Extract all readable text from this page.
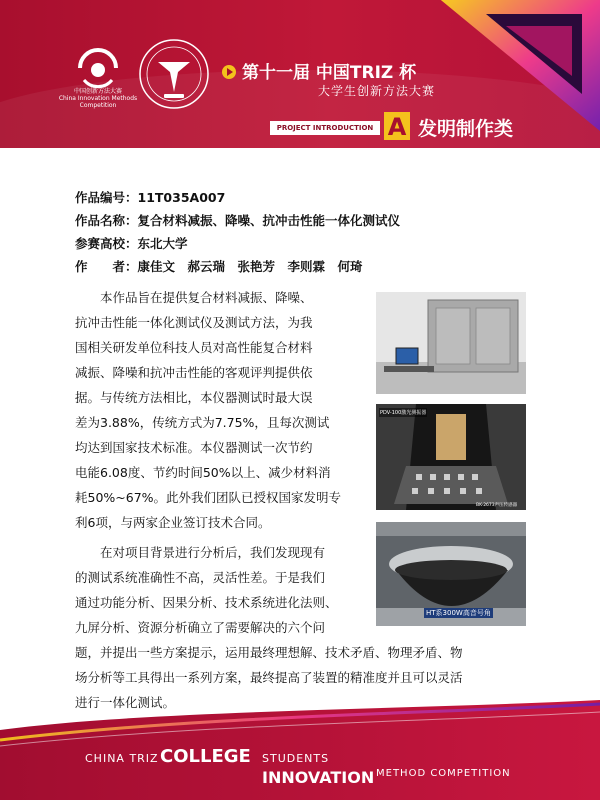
中国创新方法大赛
China Innovation Methods Competition
第十一届 中国TRIZ 杯
大学生创新方法大赛
PROJECT INTRODUCTION A 发明制作类
作品编号：11T035A007
作品名称：复合材料减振、降噪、抗冲击性能一体化测试仪
参赛高校：东北大学
作　　者：康佳文　郝云瑞　张艳芳　李则霖　何琦
本作品旨在提供复合材料减振、降噪、
抗冲击性能一体化测试仪及测试方法，为我
国相关研发单位科技人员对高性能复合材料
减振、降噪和抗冲击性能的客观评判提供依
据。与传统方法相比，本仪器测试时最大误
差为3.88%，传统方式为7.75%，且每次测试
均达到国家技术标准。本仪器测试一次节约
电能6.08度、节约时间50%以上、减少材料消
耗50%~67%。此外我们团队已授权国家发明专
利6项，与两家企业签订技术合同。
在对项目背景进行分析后，我们发现现有
的测试系统准确性不高，灵活性差。于是我们
通过功能分析、因果分析、技术系统进化法则、
九屏分析、资源分析确立了需要解决的六个问
题，并提出一些方案提示，运用最终理想解、技术矛盾、物理矛盾、物
场分析等工具得出一系列方案，最终提高了装置的精准度并且可以灵活
进行一体化测试。
PDV-100激光测振器
BK-2673声压传感器
HT系300W高音号角
CHINA TRIZ COLLEGE STUDENTS
INNOVATION METHOD COMPETITION
